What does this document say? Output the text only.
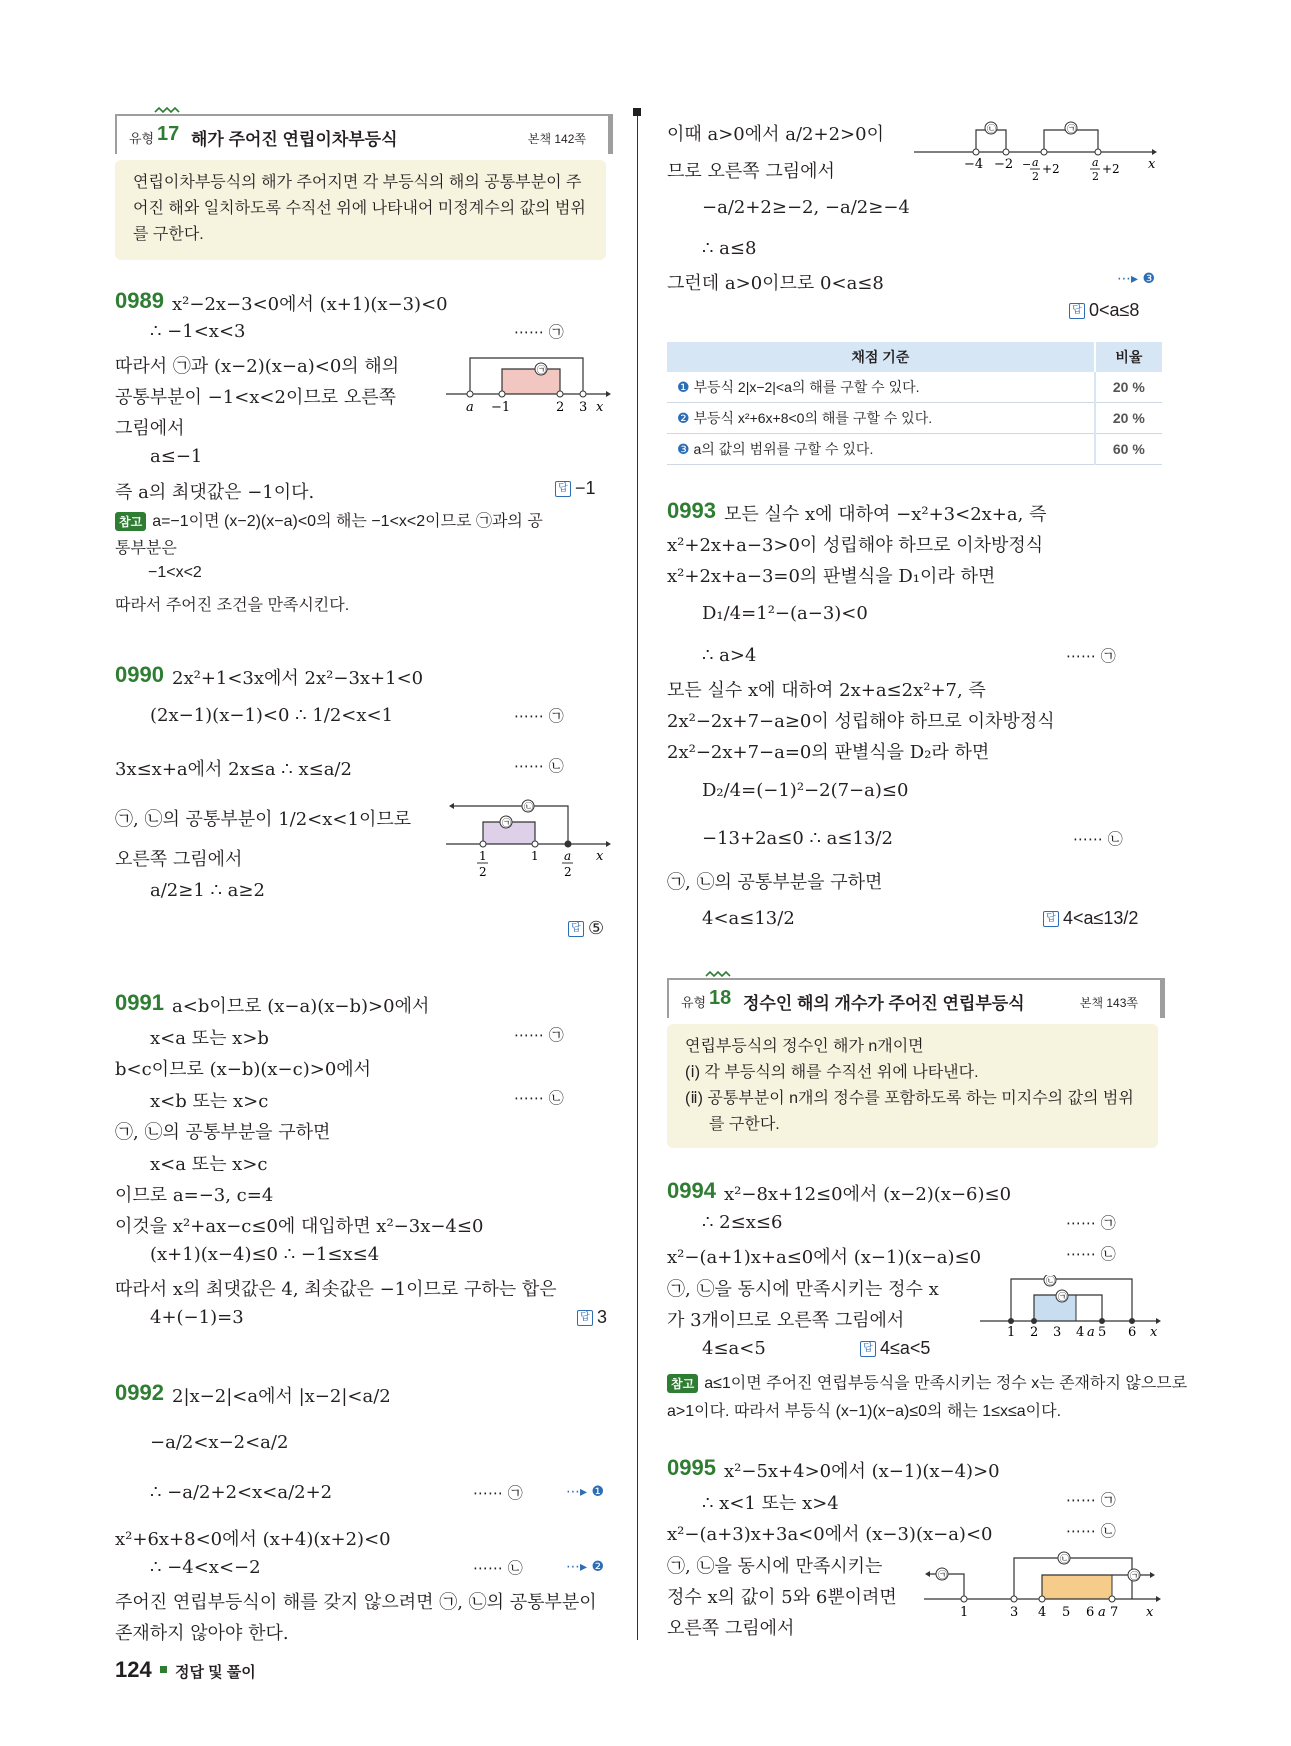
유형 17 해가 주어진 연립이차부등식	본책 142쪽
연립이차부등식의 해가 주어지면 각 부등식의 해의 공통부분이 주어진 해와 일치하도록 수직선 위에 나타내어 미정계수의 값의 범위를 구한다.
0989 x²−2x−3<0에서 (x+1)(x−3)<0
∴ −1<x<3	⋯⋯ ㉠
따라서 ㉠과 (x−2)(x−a)<0의 해의
공통부분이 −1<x<2이므로 오른쪽
그림에서
a≤−1
즉 a의 최댓값은 −1이다.	답 −1
㉠
a −1	2 3 x
참고 a=−1이면 (x−2)(x−a)<0의 해는 −1<x<2이므로 ㉠과의 공
통부분은
−1<x<2
따라서 주어진 조건을 만족시킨다.
0990 2x²+1<3x에서 2x²−3x+1<0
(2x−1)(x−1)<0 ∴ 1/2<x<1	⋯⋯ ㉠
3x≤x+a에서 2x≤a ∴ x≤a/2	⋯⋯ ㉡
㉠, ㉡의 공통부분이 1/2<x<1이므로
오른쪽 그림에서
a/2≥1 ∴ a≥2
답 ⑤
㉡
㉠
1
2
1 a
2
x
0991 a<b이므로 (x−a)(x−b)>0에서
x<a 또는 x>b	⋯⋯ ㉠
b<c이므로 (x−b)(x−c)>0에서
x<b 또는 x>c	⋯⋯ ㉡
㉠, ㉡의 공통부분을 구하면
x<a 또는 x>c
이므로 a=−3, c=4
이것을 x²+ax−c≤0에 대입하면 x²−3x−4≤0
(x+1)(x−4)≤0 ∴ −1≤x≤4
따라서 x의 최댓값은 4, 최솟값은 −1이므로 구하는 합은
4+(−1)=3	답 3
0992 2|x−2|<a에서 |x−2|<a/2
−a/2<x−2<a/2
∴ −a/2+2<x<a/2+2	⋯⋯ ㉠	⋯▸ ❶
x²+6x+8<0에서 (x+4)(x+2)<0
∴ −4<x<−2	⋯⋯ ㉡	⋯▸ ❷
주어진 연립부등식이 해를 갖지 않으려면 ㉠, ㉡의 공통부분이
존재하지 않아야 한다.
124 정답 및 풀이
이때 a>0에서 a/2+2>0이
므로 오른쪽 그림에서
−a/2+2≥−2, −a/2≥−4
∴ a≤8
그런데 a>0이므로 0<a≤8	⋯▸ ❸
답 0<a≤8
㉡	㉠
−4 −2 − a
2
+2	a
2
+2 x
채점 기준	비율
❶ 부등식 2|x−2|<a의 해를 구할 수 있다.	20 %
❷ 부등식 x²+6x+8<0의 해를 구할 수 있다.	20 %
❸ a의 값의 범위를 구할 수 있다.	60 %
0993 모든 실수 x에 대하여 −x²+3<2x+a, 즉
x²+2x+a−3>0이 성립해야 하므로 이차방정식
x²+2x+a−3=0의 판별식을 D₁이라 하면
D₁/4=1²−(a−3)<0
∴ a>4	⋯⋯ ㉠
모든 실수 x에 대하여 2x+a≤2x²+7, 즉
2x²−2x+7−a≥0이 성립해야 하므로 이차방정식
2x²−2x+7−a=0의 판별식을 D₂라 하면
D₂/4=(−1)²−2(7−a)≤0
−13+2a≤0 ∴ a≤13/2	⋯⋯ ㉡
㉠, ㉡의 공통부분을 구하면
4<a≤13/2	답 4<a≤13/2
유형 18 정수인 해의 개수가 주어진 연립부등식	본책 143쪽
연립부등식의 정수인 해가 n개이면
(ⅰ) 각 부등식의 해를 수직선 위에 나타낸다.
(ⅱ) 공통부분이 n개의 정수를 포함하도록 하는 미지수의 값의 범위
를 구한다.
0994 x²−8x+12≤0에서 (x−2)(x−6)≤0
∴ 2≤x≤6	⋯⋯ ㉠
x²−(a+1)x+a≤0에서 (x−1)(x−a)≤0	⋯⋯ ㉡
㉠, ㉡을 동시에 만족시키는 정수 x
가 3개이므로 오른쪽 그림에서
4≤a<5	답 4≤a<5
㉡
㉠
1 2 3 4 a 5 6 x
참고 a≤1이면 주어진 연립부등식을 만족시키는 정수 x는 존재하지 않으므로
a>1이다. 따라서 부등식 (x−1)(x−a)≤0의 해는 1≤x≤a이다.
0995 x²−5x+4>0에서 (x−1)(x−4)>0
∴ x<1 또는 x>4	⋯⋯ ㉠
x²−(a+3)x+3a<0에서 (x−3)(x−a)<0	⋯⋯ ㉡
㉠, ㉡을 동시에 만족시키는
정수 x의 값이 5와 6뿐이려면
오른쪽 그림에서
㉠
㉡
㉠
1	3 4 5 6 a 7 x
